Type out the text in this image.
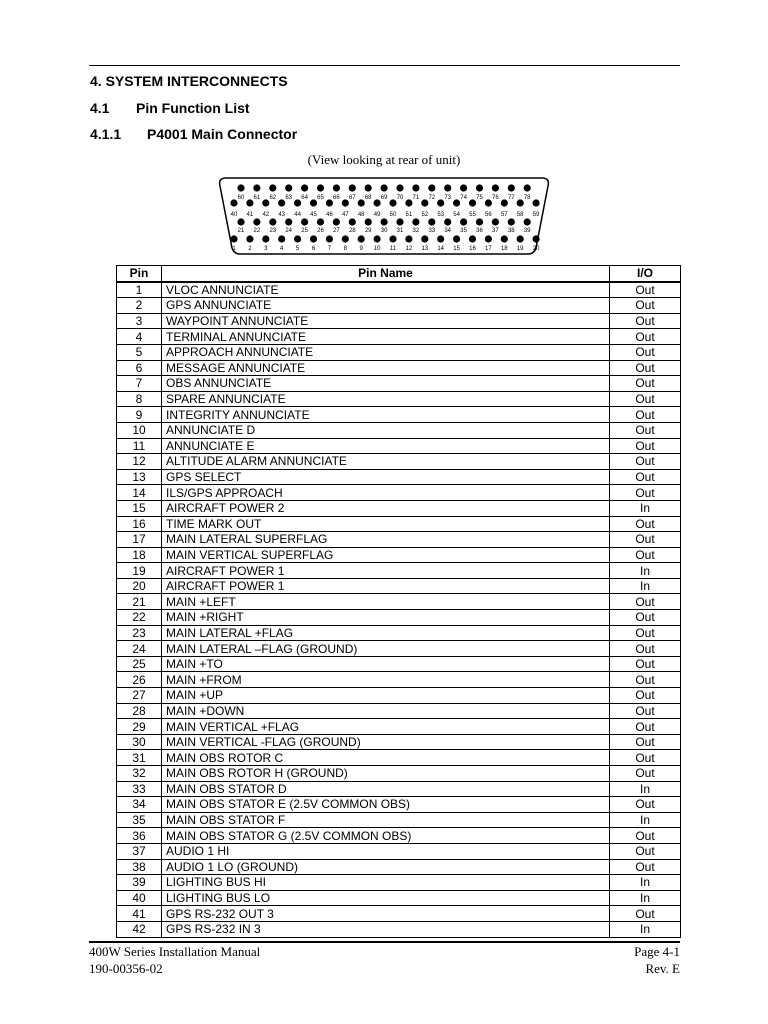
4. SYSTEM INTERCONNECTS
4.1 Pin Function List
4.1.1 P4001 Main Connector
(View looking at rear of unit)
60 61 62 63 64 65 66 67 68 69 70 71 72 73 74 75 76 77 78
40 41 42 43 44 45 46 47 48 49 50 51 52 53 54 55 56 57 58 59
21 22 23 24 25 26 27 28 29 30 31 32 33 34 35 36 37 38 39
1 2 3 4 5 6 7 8 9 10 11 12 13 14 15 16 17 18 19 20
Pin	Pin Name	I/O
1	VLOC ANNUNCIATE	Out
2	GPS ANNUNCIATE	Out
3	WAYPOINT ANNUNCIATE	Out
4	TERMINAL ANNUNCIATE	Out
5	APPROACH ANNUNCIATE	Out
6	MESSAGE ANNUNCIATE	Out
7	OBS ANNUNCIATE	Out
8	SPARE ANNUNCIATE	Out
9	INTEGRITY ANNUNCIATE	Out
10	ANNUNCIATE D	Out
11	ANNUNCIATE E	Out
12	ALTITUDE ALARM ANNUNCIATE	Out
13	GPS SELECT	Out
14	ILS/GPS APPROACH	Out
15	AIRCRAFT POWER 2	In
16	TIME MARK OUT	Out
17	MAIN LATERAL SUPERFLAG	Out
18	MAIN VERTICAL SUPERFLAG	Out
19	AIRCRAFT POWER 1	In
20	AIRCRAFT POWER 1	In
21	MAIN +LEFT	Out
22	MAIN +RIGHT	Out
23	MAIN LATERAL +FLAG	Out
24	MAIN LATERAL –FLAG (GROUND)	Out
25	MAIN +TO	Out
26	MAIN +FROM	Out
27	MAIN +UP	Out
28	MAIN +DOWN	Out
29	MAIN VERTICAL +FLAG	Out
30	MAIN VERTICAL -FLAG (GROUND)	Out
31	MAIN OBS ROTOR C	Out
32	MAIN OBS ROTOR H (GROUND)	Out
33	MAIN OBS STATOR D	In
34	MAIN OBS STATOR E (2.5V COMMON OBS)	Out
35	MAIN OBS STATOR F	In
36	MAIN OBS STATOR G (2.5V COMMON OBS)	Out
37	AUDIO 1 HI	Out
38	AUDIO 1 LO (GROUND)	Out
39	LIGHTING BUS HI	In
40	LIGHTING BUS LO	In
41	GPS RS-232 OUT 3	Out
42	GPS RS-232 IN 3	In
400W Series Installation Manual
190-00356-02
Page 4-1
Rev. E
